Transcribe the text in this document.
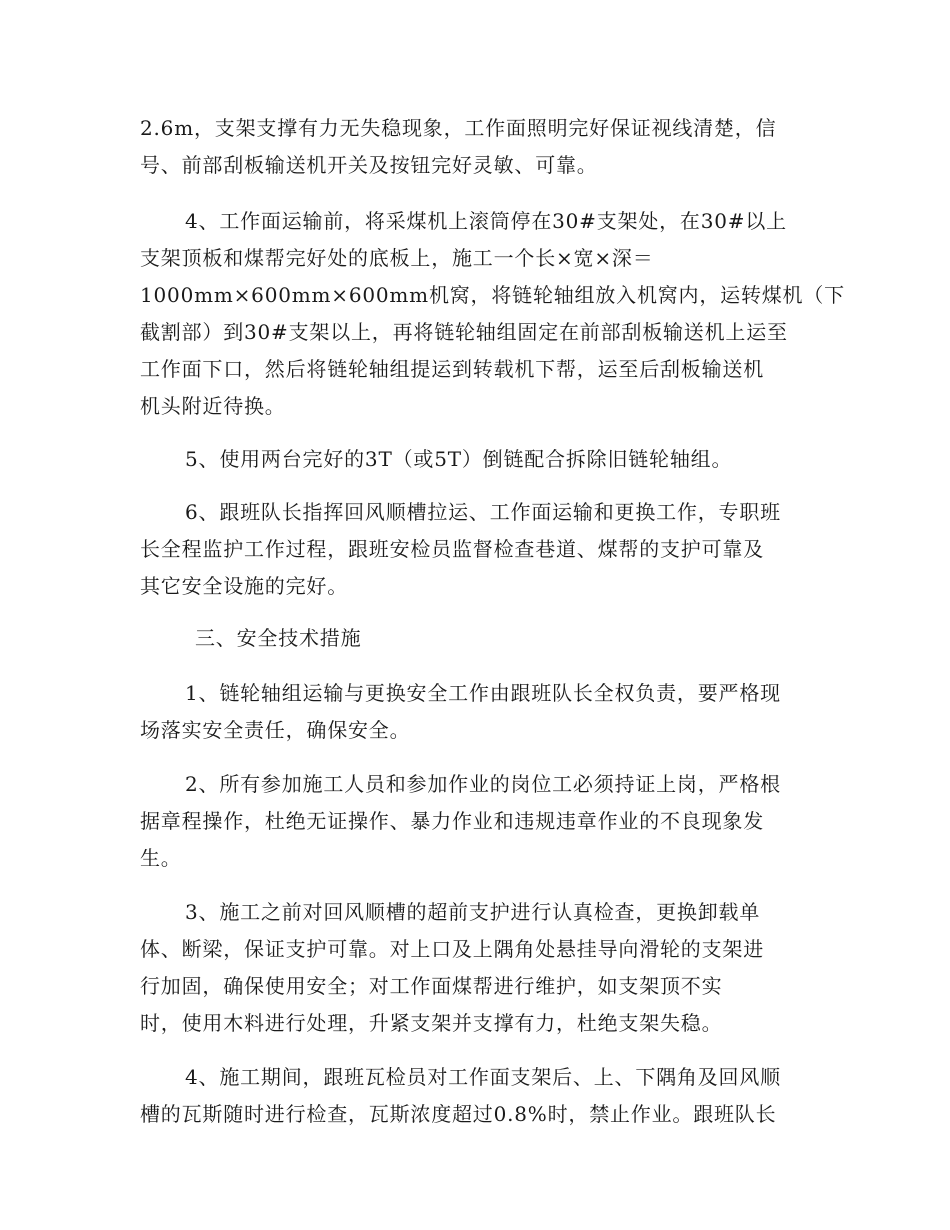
2.6m，支架支撑有力无失稳现象，工作面照明完好保证视线清楚，信
号、前部刮板输送机开关及按钮完好灵敏、可靠。
4、工作面运输前，将采煤机上滚筒停在30#支架处，在30#以上
支架顶板和煤帮完好处的底板上，施工一个长×宽×深＝
1000mm×600mm×600mm机窝，将链轮轴组放入机窝内，运转煤机（下
截割部）到30#支架以上，再将链轮轴组固定在前部刮板输送机上运至
工作面下口，然后将链轮轴组提运到转载机下帮，运至后刮板输送机
机头附近待换。
5、使用两台完好的3T（或5T）倒链配合拆除旧链轮轴组。
6、跟班队长指挥回风顺槽拉运、工作面运输和更换工作，专职班
长全程监护工作过程，跟班安检员监督检查巷道、煤帮的支护可靠及
其它安全设施的完好。
三、安全技术措施
1、链轮轴组运输与更换安全工作由跟班队长全权负责，要严格现
场落实安全责任，确保安全。
2、所有参加施工人员和参加作业的岗位工必须持证上岗，严格根
据章程操作，杜绝无证操作、暴力作业和违规违章作业的不良现象发
生。
3、施工之前对回风顺槽的超前支护进行认真检查，更换卸载单
体、断梁，保证支护可靠。对上口及上隅角处悬挂导向滑轮的支架进
行加固，确保使用安全；对工作面煤帮进行维护，如支架顶不实
时，使用木料进行处理，升紧支架并支撑有力，杜绝支架失稳。
4、施工期间，跟班瓦检员对工作面支架后、上、下隅角及回风顺
槽的瓦斯随时进行检查，瓦斯浓度超过0.8%时，禁止作业。跟班队长
